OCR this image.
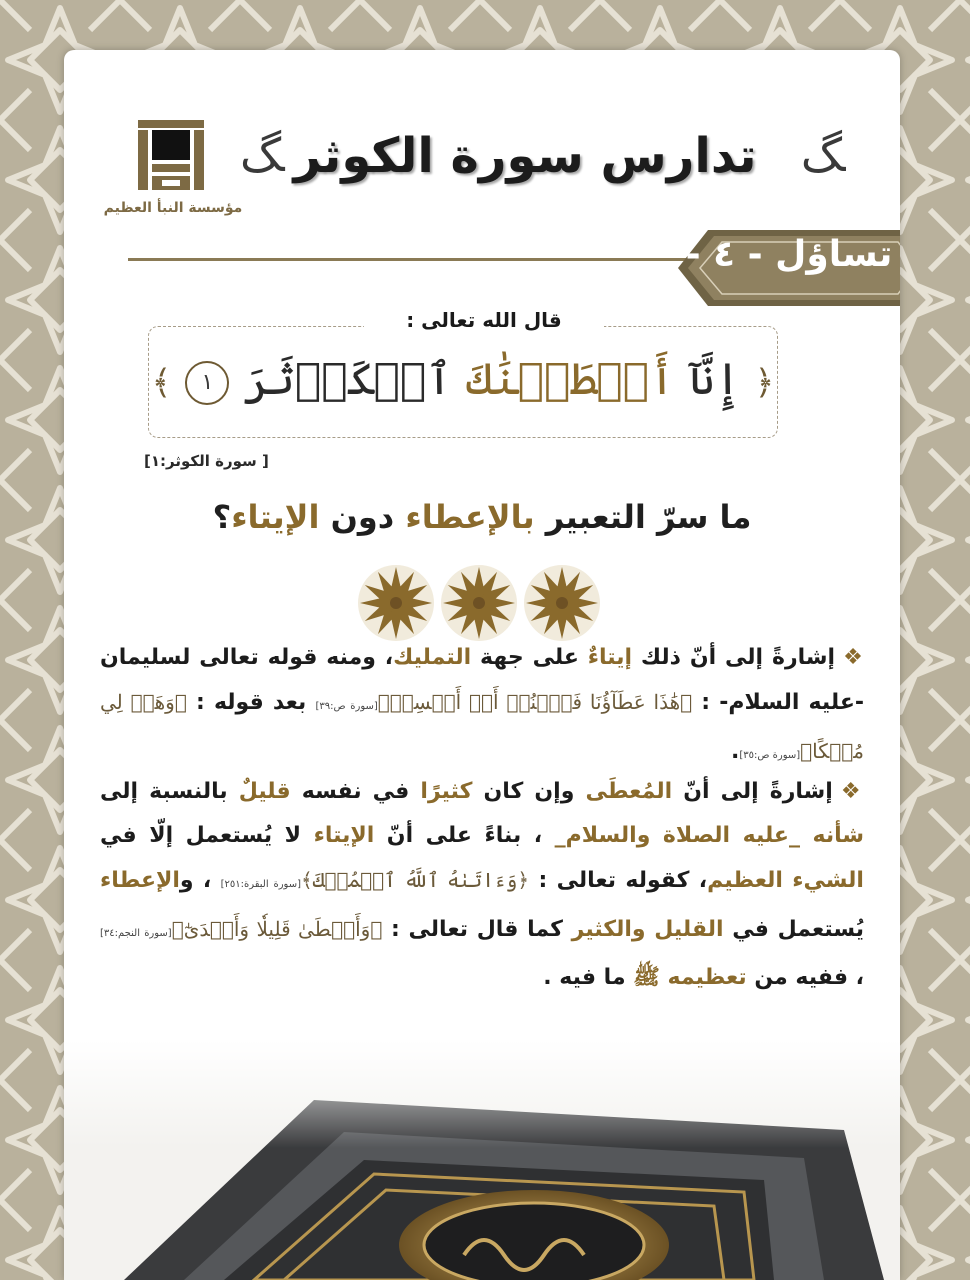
مؤسسة النبأ العظيم
ﮓ
تدارس سورة الكوثر
ﮓ
تساؤل - ٤ -
قال الله تعالى :
﴿ إِنَّآ أَعۡطَيۡنَٰكَ ٱلۡكَوۡثَرَ ١ ﴾
[ سورة الكوثر:١]
ما سرّ التعبير بالإعطاء دون الإيتاء؟
❖إشارةً إلى أنّ ذلك إيتاءٌ على جهة التمليك، ومنه قوله تعالى لسليمان -عليه السلام- : ﴿هَٰذَا عَطَآؤُنَا فَٱمۡنُنۡ أَوۡ أَمۡسِكۡ﴾[سورة ص:٣٩] بعد قوله : ﴿وَهَبۡ لِي مُلۡكًا﴾[سورة ص:٣٥].
❖إشارةً إلى أنّ المُعطَى وإن كان كثيرًا في نفسه قليلٌ بالنسبة إلى شأنه _عليه الصلاة والسلام_ ، بناءً على أنّ الإيتاء لا يُستعمل إلّا في الشيء العظيم، كقوله تعالى : ﴿وَءَاتَىٰهُ ٱللَّهُ ٱلۡمُلۡكَ﴾[سورة البقرة:٢٥١] ، والإعطاء يُستعمل في القليل والكثير كما قال تعالى : ﴿وَأَعۡطَىٰ قَلِيلٗا وَأَكۡدَىٰٓ﴾[سورة النجم:٣٤] ، ففيه من تعظيمه ﷺ ما فيه .
